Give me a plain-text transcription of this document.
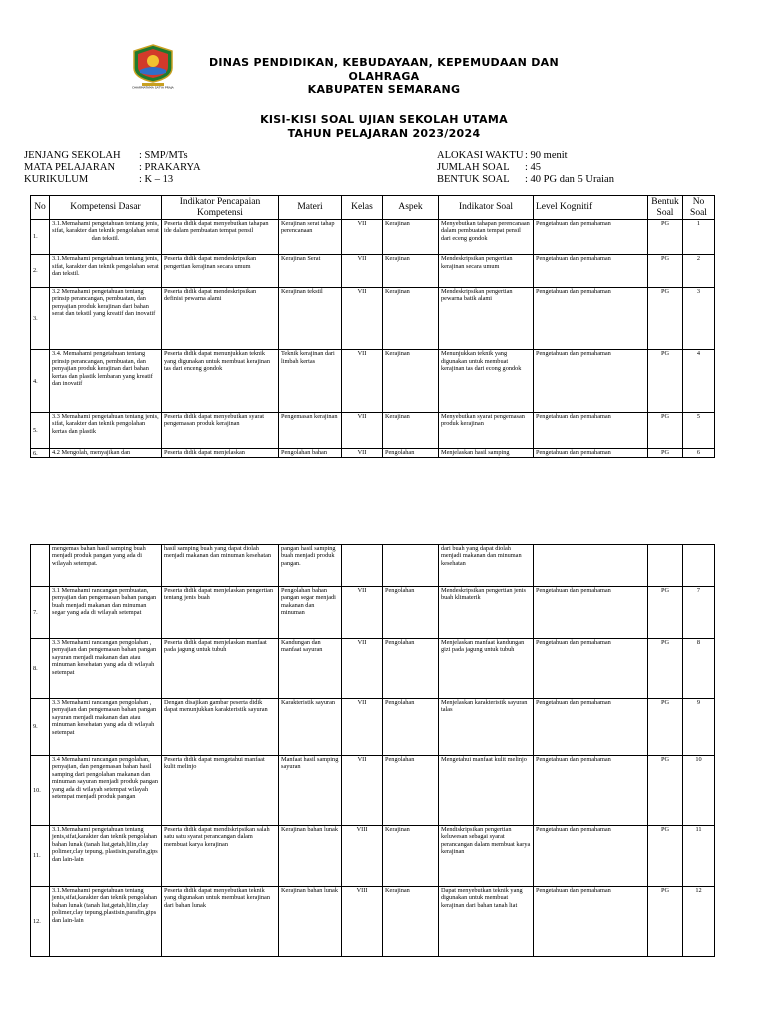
DHARMATAMA SATYA PRAJA
DINAS PENDIDIKAN, KEBUDAYAAN, KEPEMUDAAN DAN
OLAHRAGA
KABUPATEN SEMARANG
KISI-KISI SOAL UJIAN SEKOLAH UTAMA
TAHUN PELAJARAN 2023/2024
JENJANG SEKOLAH	: SMP/MTs
MATA PELAJARAN	: PRAKARYA
KURIKULUM	: K – 13
ALOKASI WAKTU : 90 menit
JUMLAH SOAL	: 45
BENTUK SOAL	: 40 PG dan 5 Uraian
No	Kompetensi Dasar	Indikator Pencapaian Kompetensi	Materi	Kelas	Aspek	Indikator Soal	Level Kognitif	Bentuk Soal	No Soal
1.	3.1.Memahami pengetahuan tentang jenis, sifat, karakter dan teknik pengolahan serat dan tekstil.	Peserta didik dapat menyebutkan tahapan ide dalam pembuatan tempat pensil	Kerajinan serat tahap perencanaan	VII	Kerajinan	Menyebutkan tahapan perencanaan dalam pembuatan tempat pensil dari eceng gondok	Pengetahuan dan pemahaman	PG	1
2.	3.1.Memahami pengetahuan tentang jenis, sifat, karakter dan teknik pengolahan serat dan tekstil.	Peserta didik dapat mendeskripsikan pengertian kerajinan secara umum	Kerajinan Serat	VII	Kerajinan	Mendeskripsikan pengertian kerajinan secara umum	Pengetahuan dan pemahaman	PG	2
3.	3.2 Memahami pengetahuan tentang prinsip perancangan, pembuatan, dan penyajian produk kerajinan dari bahan serat dan tekstil yang kreatif dan inovatif	Peserta didik dapat mendeskripsikan definisi pewarna alami	Kerajinan tekstil	VII	Kerajinan	Mendeskripsikan pengertian pewarna batik alami	Pengetahuan dan pemahaman	PG	3
4.	3.4. Memahami pengetahuan tentang prinsip perancangan, pembuatan, dan penyajian produk kerajinan dari bahan kertas dan plastik lembaran yang kreatif dan inovatif	Peserta didik dapat menunjukkan teknik yang digunakan untuk membuat kerajinan tas dari enceng gondok	Teknik kerajinan dari limbah kertas	VII	Kerajinan	Menunjukkan teknik yang digunakan untuk membuat kerajinan tas dari econg gondok	Pengetahuan dan pemahaman	PG	4
5.	3.3 Memahami pengetahuan tentang jenis, sifat, karakter dan teknik pengolahan kertas dan plastik	Peserta didik dapat menyebutkan syarat pengemasan produk kerajinan	Pengemasan kerajinan	VII	Kerajinan	Menyebutkan syarat pengemasan produk kerajinan	Pengetahuan dan pemahaman	PG	5
6.	4.2 Mengolah, menyajikan dan	Peserta didik dapat menjelaskan	Pengolahan bahan	VII	Pengolahan	Menjelaskan hasil samping	Pengetahuan dan pemahaman	PG	6
	mengemas bahan hasil samping buah menjadi produk pangan yang ada di wilayah setempat.	hasil samping buah yang dapat diolah menjadi makanan dan minuman kesehatan	pangan hasil samping buah menjadi produk pangan.			dari buah yang dapat diolah menjadi makanan dan minuman kesehatan			
7.	3.1 Memahami rancangan pembuatan, penyajian dan pengemasan bahan pangan buah menjadi makanan dan minuman segar yang ada di wilayah setempat	Peserta didik dapat menjelaskan pengertian tentang jenis buah	Pengolahan bahan pangan segar menjadi makanan dan minuman	VII	Pengolahan	Mendeskripsikan pengertian jenis buah klimaterik	Pengetahuan dan pemahaman	PG	7
8.	3.3 Memahami rancangan pengolahan , penyajian dan pengemasan bahan pangan sayuran menjadi makanan dan atau minuman kesehatan yang ada di wilayah setempat	Peserta didik dapat menjelaskan manfaat pada jagung untuk tubuh	Kandungan dan manfaat sayuran	VII	Pengolahan	Menjelaskan manfaat kandungan gizi pada jagung untuk tubuh	Pengetahuan dan pemahaman	PG	8
9.	3.3 Memahami rancangan pengolahan , penyajian dan pengemasan bahan pangan sayuran menjadi makanan dan atau minuman kesehatan yang ada di wilayah setempat	Dengan disajikan gambar peserta didik dapat menunjukkan karakteristik sayuran	Karakteristik sayuran	VII	Pengolahan	Menjelaskan karakteristik sayuran talas	Pengetahuan dan pemahaman	PG	9
10.	3.4 Memahami rancangan pengolahan, penyajian, dan pengemasan bahan hasil samping dari pengolahan makanan dan minuman sayuran menjadi produk pangan yang ada di wilayah setempat wilayah setempat menjadi produk pangan	Peserta didik dapat mengetahui manfaat kulit melinjo	Manfaat hasil samping sayuran	VII	Pengolahan	Mengetahui manfaat kulit melinjo	Pengetahuan dan pemahaman	PG	10
11.	3.1.Memahami pengetahuan tentang jenis,sifat,karakter dan teknik pengolahan bahan lunak (tanah liat,getah,lilin,clay polimer,clay tepung, plastisin,parafin,gips dan lain-lain	Peserta didik dapat mendiskripsikan salah satu satu syarat perancangan dalam membuat karya kerajinan	Kerajinan bahan lunak	VIII	Kerajinan	Mendiskripsikan pengertian keluwesan sebagai syarat perancangan dalam membuat karya kerajinan	Pengetahuan dan pemahaman	PG	11
12.	3.1.Memahami pengetahuan tentang jenis,sifat,karakter dan teknik pengolahan bahan lunak (tanah liat,getah,lilin,clay polimer,clay tepung,plastisin,parafin,gips dan lain-lain	Peserta didik dapat menyebutkan teknik yang digunakan untuk membuat kerajinan dari bahan lunak	Kerajinan bahan lunak	VIII	Kerajinan	Dapat menyebutkan teknik yang digunakan untuk membuat kerajinan dari bahan tanah liat	Pengetahuan dan pemahaman	PG	12
